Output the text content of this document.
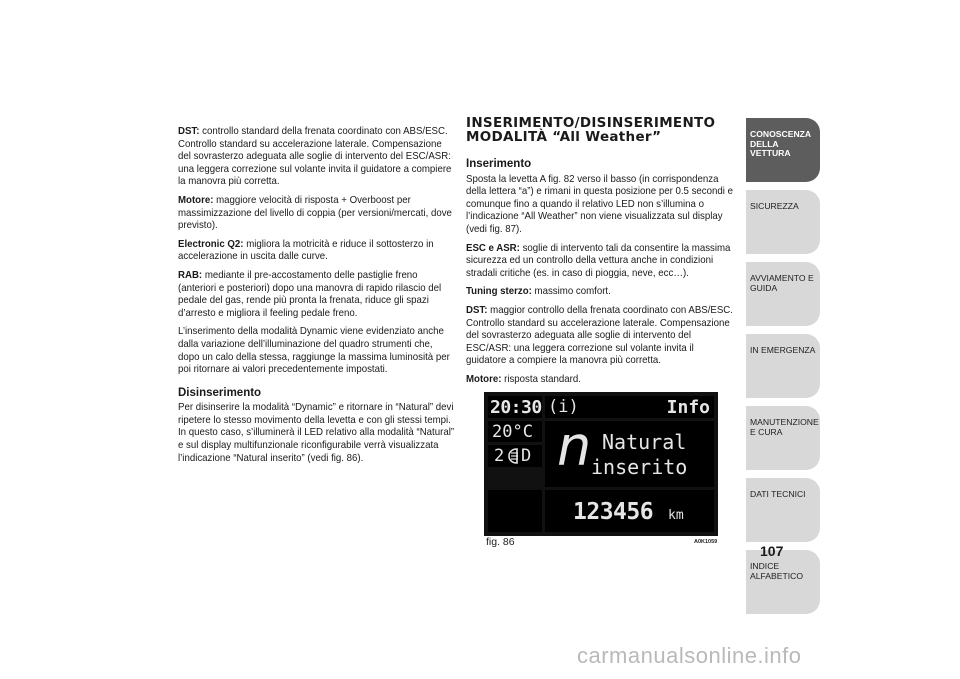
DST: controllo standard della frenata coordinato con ABS/ESC. Controllo standard su accelerazione laterale. Compensazione del sovrasterzo adeguata alle soglie di intervento del ESC/ASR: una leggera correzione sul volante invita il guidatore a compiere la manovra più corretta.

Motore: maggiore velocità di risposta + Overboost per massimizzazione del livello di coppia (per versioni/mercati, dove previsto).

Electronic Q2: migliora la motricità e riduce il sottosterzo in accelerazione in uscita dalle curve.

RAB: mediante il pre-accostamento delle pastiglie freno (anteriori e posteriori) dopo una manovra di rapido rilascio del pedale del gas, rende più pronta la frenata, riduce gli spazi d’arresto e migliora il feeling pedale freno.

L’inserimento della modalità Dynamic viene evidenziato anche dalla variazione dell’illuminazione del quadro strumenti che, dopo un calo della stessa, raggiunge la massima luminosità per poi ritornare ai valori precedentemente impostati.

Disinserimento

Per disinserire la modalità “Dynamic” e ritornare in “Natural” devi ripetere lo stesso movimento della levetta e con gli stessi tempi. In questo caso, s’illuminerà il LED relativo alla modalità “Natural” e sul display multifunzionale riconfigurabile verrà visualizzata l’indicazione “Natural inserito” (vedi fig. 86).

INSERIMENTO/DISINSERIMENTO
MODALITÀ “All Weather”
Inserimento

Sposta la levetta A fig. 82 verso il basso (in corrispondenza della lettera “a”) e rimani in questa posizione per 0.5 secondi e comunque fino a quando il relativo LED non s’illumina o l’indicazione “All Weather” non viene visualizzata sul display (vedi fig. 87).

ESC e ASR: soglie di intervento tali da consentire la massima sicurezza ed un controllo della vettura anche in condizioni stradali critiche (es. in caso di pioggia, neve, ecc…).

Tuning sterzo: massimo comfort.

DST: maggior controllo della frenata coordinato con ABS/ESC. Controllo standard su accelerazione laterale. Compensazione del sovrasterzo adeguata alle soglie di intervento del ESC/ASR: una leggera correzione sul volante invita il guidatore a compiere la manovra più corretta.

Motore: risposta standard.

20:30 (i)	Info
20°C
2 D n Natural
inserito
123456 km
fig. 86	A0K1059
CONOSCENZA DELLA VETTURA
SICUREZZA
AVVIAMENTO E GUIDA
IN EMERGENZA
MANUTENZIONE E CURA
DATI TECNICI
INDICE ALFABETICO
107
carmanualsonline.info
